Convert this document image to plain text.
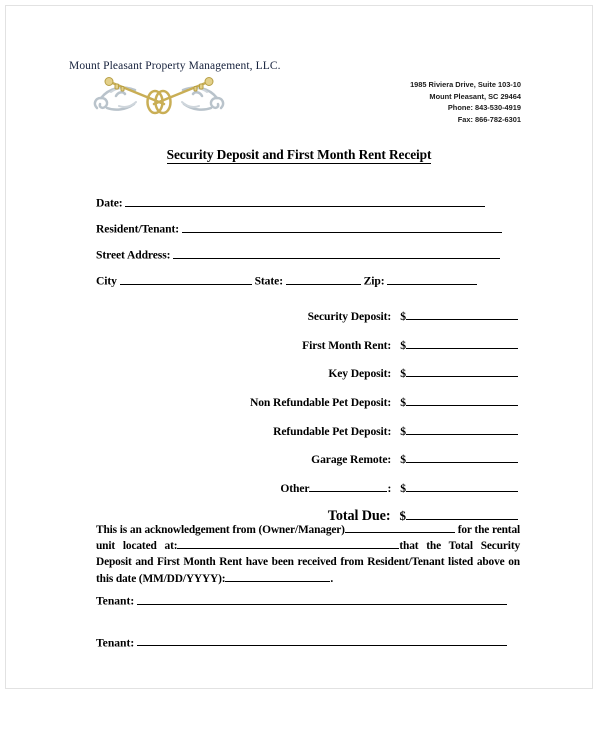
Mount Pleasant Property Management, LLC.
1985 Riviera Drive, Suite 103-10
Mount Pleasant, SC 29464
Phone: 843-530-4919
Fax: 866-782-6301
Security Deposit and First Month Rent Receipt
Date:
Resident/Tenant:
Street Address:
City	State:	Zip:
Security Deposit: $
First Month Rent: $
Key Deposit: $
Non Refundable Pet Deposit: $
Refundable Pet Deposit: $
Garage Remote: $
Other	: $
Total Due: $
This is an acknowledgement from (Owner/Manager)	for the rental unit located at:	that the Total Security Deposit and First Month Rent have been received from Resident/Tenant listed above on this date (MM/DD/YYYY):	.
Tenant:
Tenant:
